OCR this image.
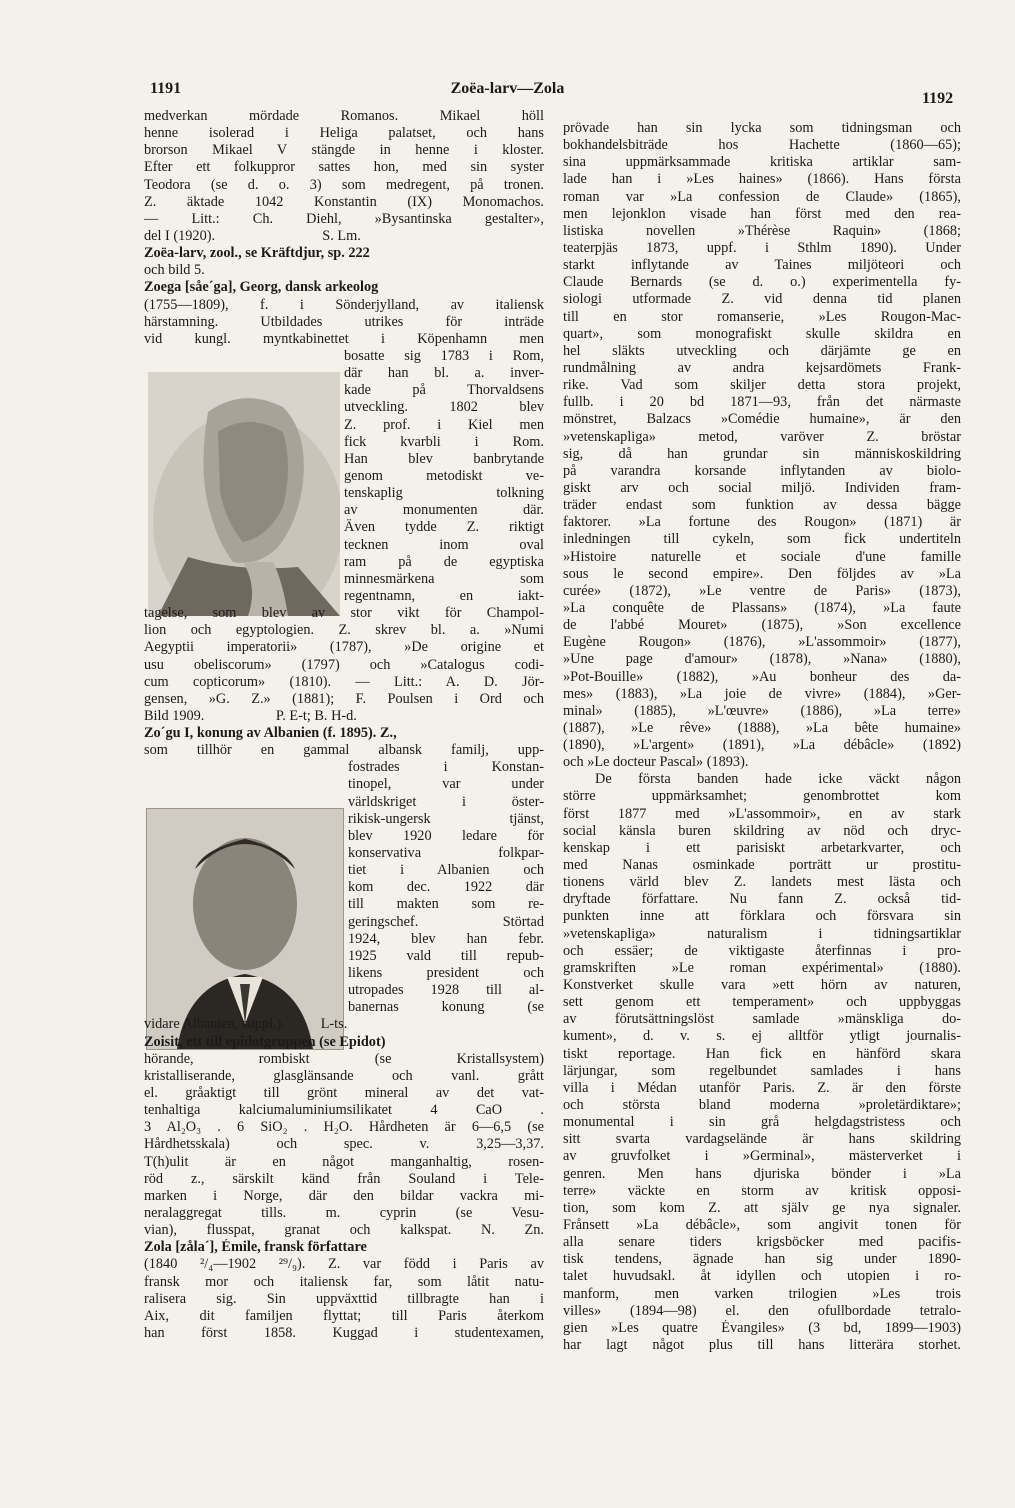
1191	Zoëa-larv—Zola
1192
medverkan mördade Romanos. Mikael höll
henne isolerad i Heliga palatset, och hans
brorson Mikael V stängde in henne i kloster.
Efter ett folkuppror sattes hon, med sin syster
Teodora (se d. o. 3) som medregent, på tronen.
Z. äktade 1042 Konstantin (IX) Monomachos.
— Litt.: Ch. Diehl, »Bysantinska gestalter»,
del I (1920).                              S. Lm.
Zoëa-larv, zool., se Kräftdjur, sp. 222
och bild 5.
Zoega [såe´ga], Georg, dansk arkeolog
(1755—1809), f. i Sönderjylland, av italiensk
härstamning. Utbildades utrikes för inträde
vid kungl. myntkabinettet i Köpenhamn men
bosatte sig 1783 i Rom,
där han bl. a. inver-
kade på Thorvaldsens
utveckling. 1802 blev
Z. prof. i Kiel men
fick kvarbli i Rom.
Han blev banbrytande
genom metodiskt ve-
tenskaplig tolkning
av monumenten där.
Även tydde Z. riktigt
tecknen inom oval
ram på de egyptiska
minnesmärkena som
regentnamn, en iakt-
tagelse, som blev av stor vikt för Champol-
lion och egyptologien. Z. skrev bl. a. »Numi
Aegyptii imperatorii» (1787), »De origine et
usu obeliscorum» (1797) och »Catalogus codi-
cum copticorum» (1810). — Litt.: A. D. Jör-
gensen, »G. Z.» (1881); F. Poulsen i Ord och
Bild 1909.                    P. E-t; B. H-d.
Zo´gu I, konung av Albanien (f. 1895). Z.,
som tillhör en gammal albansk familj, upp-
fostrades i Konstan-
tinopel, var under
världskriget i öster-
rikisk-ungersk tjänst,
blev 1920 ledare för
konservativa folkpar-
tiet i Albanien och
kom dec. 1922 där
till makten som re-
geringschef. Störtad
1924, blev han febr.
1925 vald till repub-
likens president och
utropades 1928 till al-
banernas konung (se
vidare Albanien, suppl.).          L-ts.
Zoisit, ett till epidotgruppen (se Epidot)
hörande, rombiskt (se Kristallsystem)
kristalliserande, glasglänsande och vanl. grått
el. gråaktigt till grönt mineral av det vat-
tenhaltiga kalciumaluminiumsilikatet 4 CaO .
3 Al₂O₃ . 6 SiO₂ . H₂O. Hårdheten är 6—6,5 (se
Hårdhetsskala) och spec. v. 3,25—3,37.
T(h)ulit är en något manganhaltig, rosen-
röd z., särskilt känd från Souland i Tele-
marken i Norge, där den bildar vackra mi-
neralaggregat tills. m. cyprin (se Vesu-
vian), flusspat, granat och kalkspat. N. Zn.
Zola [zåla´], Émile, fransk författare
(1840 ²/₄—1902 ²⁹/₉). Z. var född i Paris av
fransk mor och italiensk far, som låtit natu-
ralisera sig. Sin uppväxttid tillbragte han i
Aix, dit familjen flyttat; till Paris återkom
han först 1858. Kuggad i studentexamen,
prövade han sin lycka som tidningsman och
bokhandelsbiträde hos Hachette (1860—65);
sina uppmärksammade kritiska artiklar sam-
lade han i »Les haines» (1866). Hans första
roman var »La confession de Claude» (1865),
men lejonklon visade han först med den rea-
listiska novellen »Thérèse Raquin» (1868;
teaterpjäs 1873, uppf. i Sthlm 1890). Under
starkt inflytande av Taines miljöteori och
Claude Bernards (se d. o.) experimentella fy-
siologi utformade Z. vid denna tid planen
till en stor romanserie, »Les Rougon-Mac-
quart», som monografiskt skulle skildra en
hel släkts utveckling och därjämte ge en
rundmålning av andra kejsardömets Frank-
rike. Vad som skiljer detta stora projekt,
fullb. i 20 bd 1871—93, från det närmaste
mönstret, Balzacs »Comédie humaine», är den
»vetenskapliga» metod, varöver Z. bröstar
sig, då han grundar sin människoskildring
på varandra korsande inflytanden av biolo-
giskt arv och social miljö. Individen fram-
träder endast som funktion av dessa bägge
faktorer. »La fortune des Rougon» (1871) är
inledningen till cykeln, som fick undertiteln
»Histoire naturelle et sociale d'une famille
sous le second empire». Den följdes av »La
curée» (1872), »Le ventre de Paris» (1873),
»La conquête de Plassans» (1874), »La faute
de l'abbé Mouret» (1875), »Son excellence
Eugène Rougon» (1876), »L'assommoir» (1877),
»Une page d'amour» (1878), »Nana» (1880),
»Pot-Bouille» (1882), »Au bonheur des da-
mes» (1883), »La joie de vivre» (1884), »Ger-
minal» (1885), »L'œuvre» (1886), »La terre»
(1887), »Le rêve» (1888), »La bête humaine»
(1890), »L'argent» (1891), »La débâcle» (1892)
och »Le docteur Pascal» (1893).
De första banden hade icke väckt någon
större uppmärksamhet; genombrottet kom
först 1877 med »L'assommoir», en av stark
social känsla buren skildring av nöd och dryc-
kenskap i ett parisiskt arbetarkvarter, och
med Nanas osminkade porträtt ur prostitu-
tionens värld blev Z. landets mest lästa och
dryftade författare. Nu fann Z. också tid-
punkten inne att förklara och försvara sin
»vetenskapliga» naturalism i tidningsartiklar
och essäer; de viktigaste återfinnas i pro-
gramskriften »Le roman expérimental» (1880).
Konstverket skulle vara »ett hörn av naturen,
sett genom ett temperament» och uppbyggas
av förutsättningslöst samlade »mänskliga do-
kument», d. v. s. ej alltför ytligt journalis-
tiskt reportage. Han fick en hänförd skara
lärjungar, som regelbundet samlades i hans
villa i Médan utanför Paris. Z. är den förste
och största bland moderna »proletärdiktare»;
monumental i sin grå helgdagstristess och
sitt svarta vardagselände är hans skildring
av gruvfolket i »Germinal», mästerverket i
genren. Men hans djuriska bönder i »La
terre» väckte en storm av kritisk opposi-
tion, som kom Z. att själv ge nya signaler.
Frånsett »La débâcle», som angivit tonen för
alla senare tiders krigsböcker med pacifis-
tisk tendens, ägnade han sig under 1890-
talet huvudsakl. åt idyllen och utopien i ro-
manform, men varken trilogien »Les trois
villes» (1894—98) el. den ofullbordade tetralo-
gien »Les quatre Évangiles» (3 bd, 1899—1903)
har lagt något plus till hans litterära storhet.
